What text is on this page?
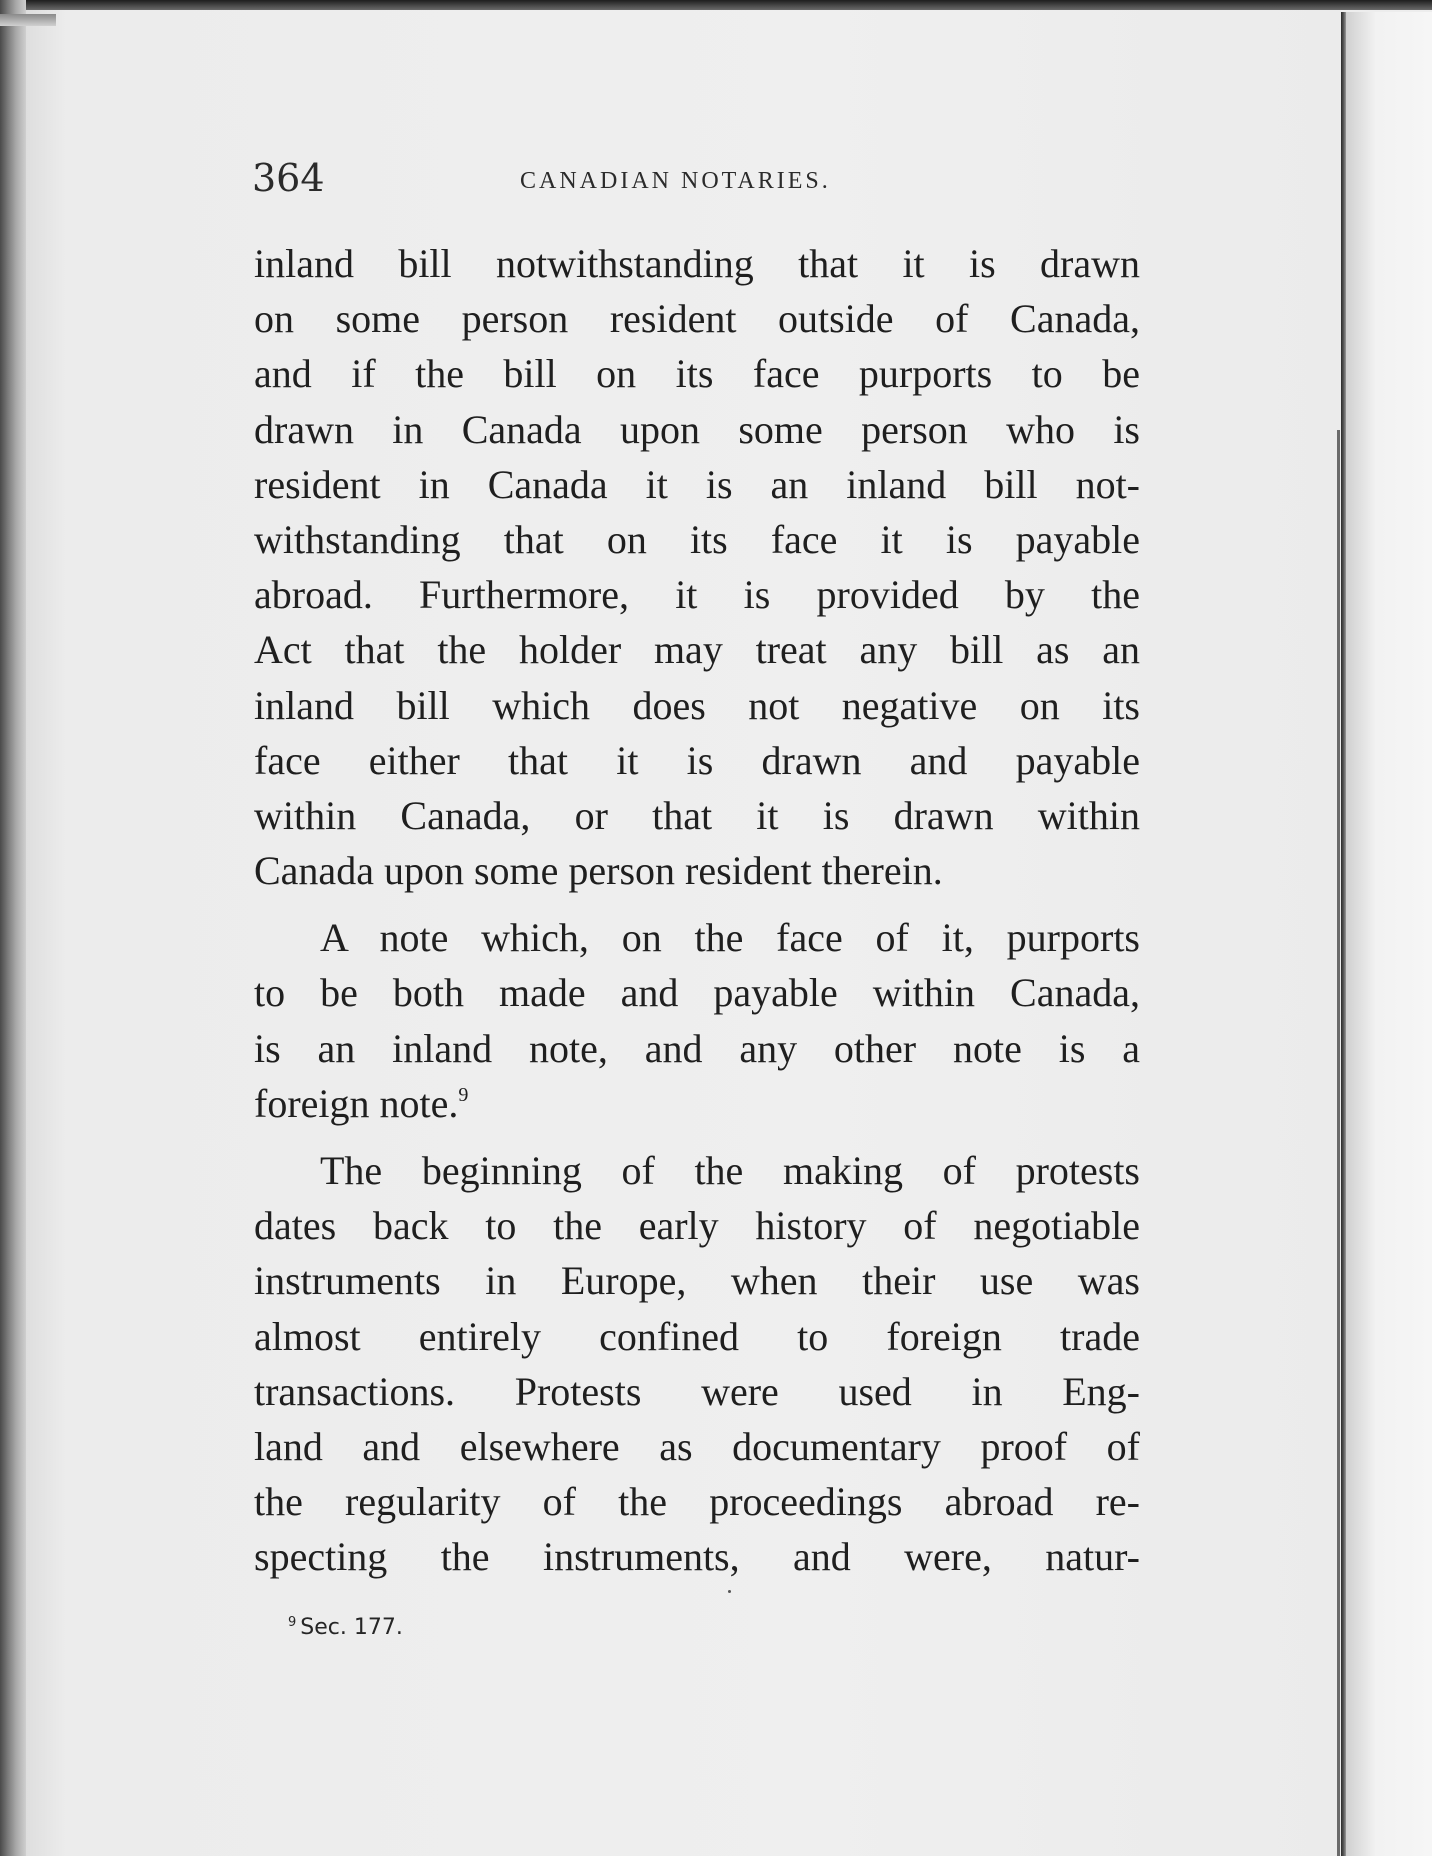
364	CANADIAN NOTARIES.
inland bill notwithstanding that it is drawn
on some person resident outside of Canada,
and if the bill on its face purports to be
drawn in Canada upon some person who is
resident in Canada it is an inland bill not-
withstanding that on its face it is payable
abroad. Furthermore, it is provided by the
Act that the holder may treat any bill as an
inland bill which does not negative on its
face either that it is drawn and payable
within Canada, or that it is drawn within
Canada upon some person resident therein.
A note which, on the face of it, purports
to be both made and payable within Canada,
is an inland note, and any other note is a
foreign note.$^9$
The beginning of the making of protests
dates back to the early history of negotiable
instruments in Europe, when their use was
almost entirely confined to foreign trade
transactions. Protests were used in Eng-
land and elsewhere as documentary proof of
the regularity of the proceedings abroad re-
specting the instruments, and were, natur-
$^9$ Sec. 177.
